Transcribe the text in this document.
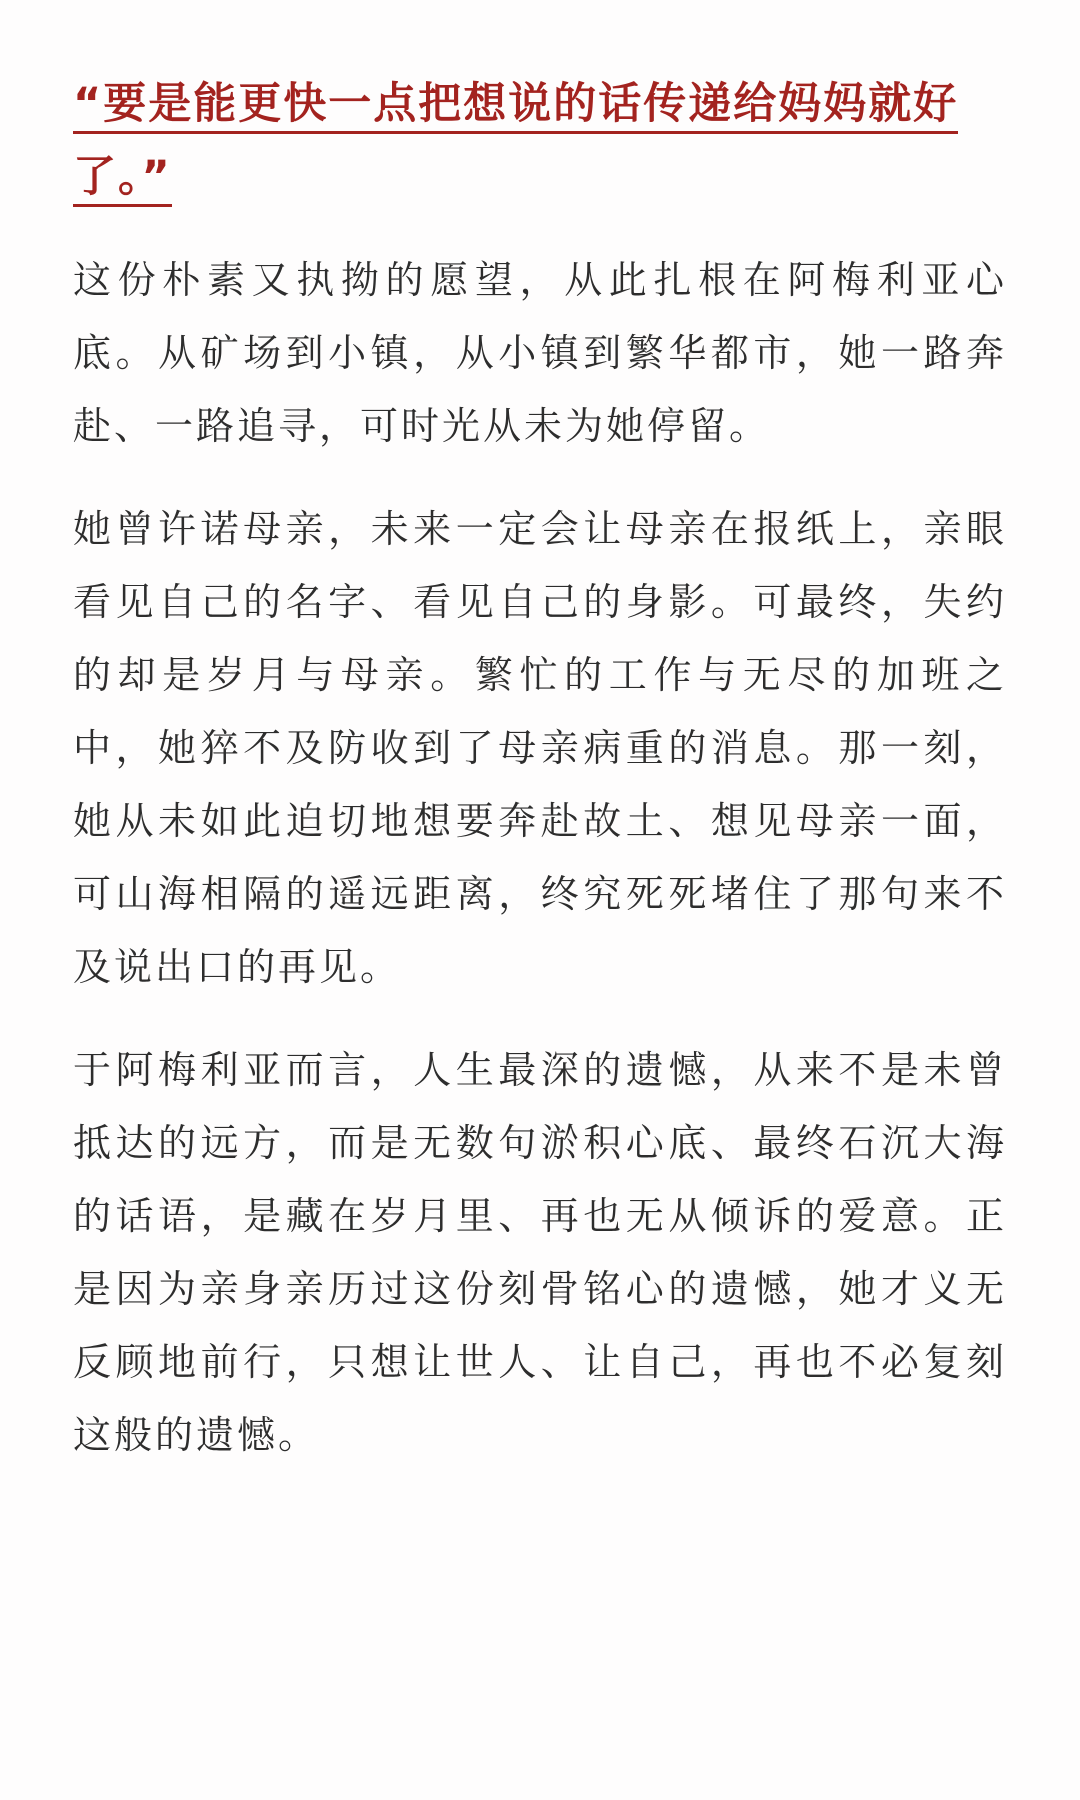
“要是能更快一点把想说的话传递给妈妈就好了。”

这份朴素又执拗的愿望，从此扎根在阿梅利亚心底。从矿场到小镇，从小镇到繁华都市，她一路奔赴、一路追寻，可时光从未为她停留。

她曾许诺母亲，未来一定会让母亲在报纸上，亲眼看见自己的名字、看见自己的身影。可最终，失约的却是岁月与母亲。繁忙的工作与无尽的加班之中，她猝不及防收到了母亲病重的消息。那一刻，她从未如此迫切地想要奔赴故土、想见母亲一面，可山海相隔的遥远距离，终究死死堵住了那句来不及说出口的再见。

于阿梅利亚而言，人生最深的遗憾，从来不是未曾抵达的远方，而是无数句淤积心底、最终石沉大海的话语，是藏在岁月里、再也无从倾诉的爱意。正是因为亲身亲历过这份刻骨铭心的遗憾，她才义无反顾地前行，只想让世人、让自己，再也不必复刻这般的遗憾。
